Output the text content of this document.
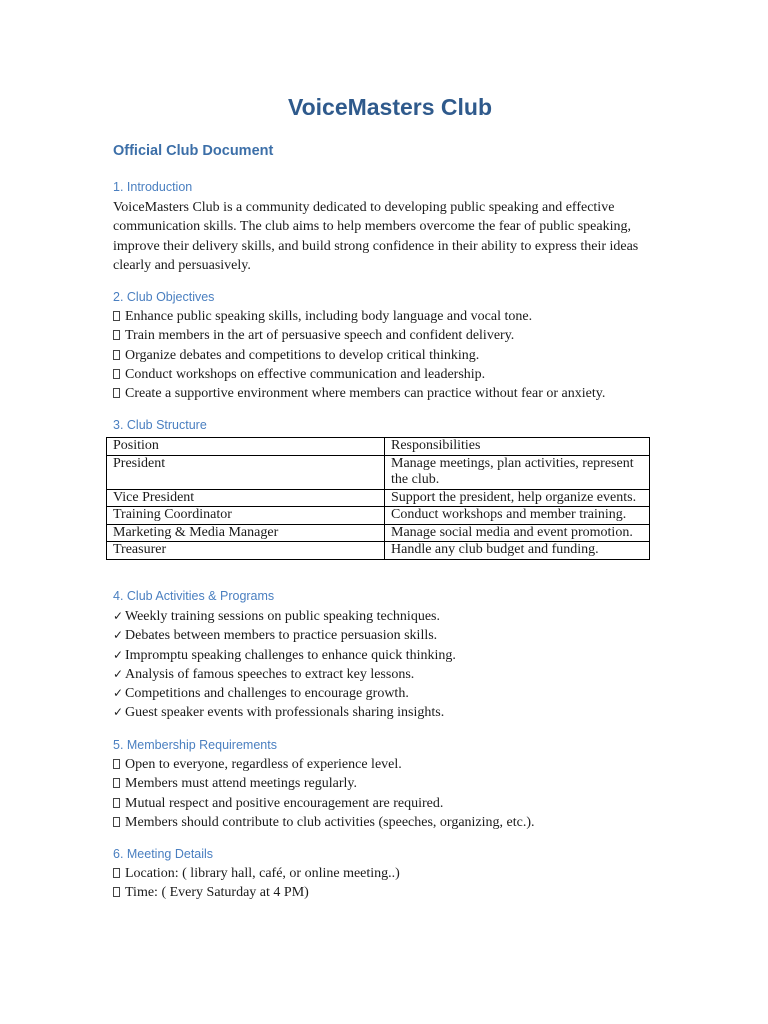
VoiceMasters Club
Official Club Document
1. Introduction

VoiceMasters Club is a community dedicated to developing public speaking and effective communication skills. The club aims to help members overcome the fear of public speaking, improve their delivery skills, and build strong confidence in their ability to express their ideas clearly and persuasively.

2. Club Objectives
Enhance public speaking skills, including body language and vocal tone.
Train members in the art of persuasive speech and confident delivery.
Organize debates and competitions to develop critical thinking.
Conduct workshops on effective communication and leadership.
Create a supportive environment where members can practice without fear or anxiety.
3. Club Structure
Position	Responsibilities
President	Manage meetings, plan activities, represent the club.
Vice President	Support the president, help organize events.
Training Coordinator	Conduct workshops and member training.
Marketing & Media Manager	Manage social media and event promotion.
Treasurer	Handle any club budget and funding.
4. Club Activities & Programs
✓ Weekly training sessions on public speaking techniques.
✓ Debates between members to practice persuasion skills.
✓ Impromptu speaking challenges to enhance quick thinking.
✓ Analysis of famous speeches to extract key lessons.
✓ Competitions and challenges to encourage growth.
✓ Guest speaker events with professionals sharing insights.
5. Membership Requirements
Open to everyone, regardless of experience level.
Members must attend meetings regularly.
Mutual respect and positive encouragement are required.
Members should contribute to club activities (speeches, organizing, etc.).
6. Meeting Details
Location: ( library hall, café, or online meeting..)
Time: ( Every Saturday at 4 PM)
